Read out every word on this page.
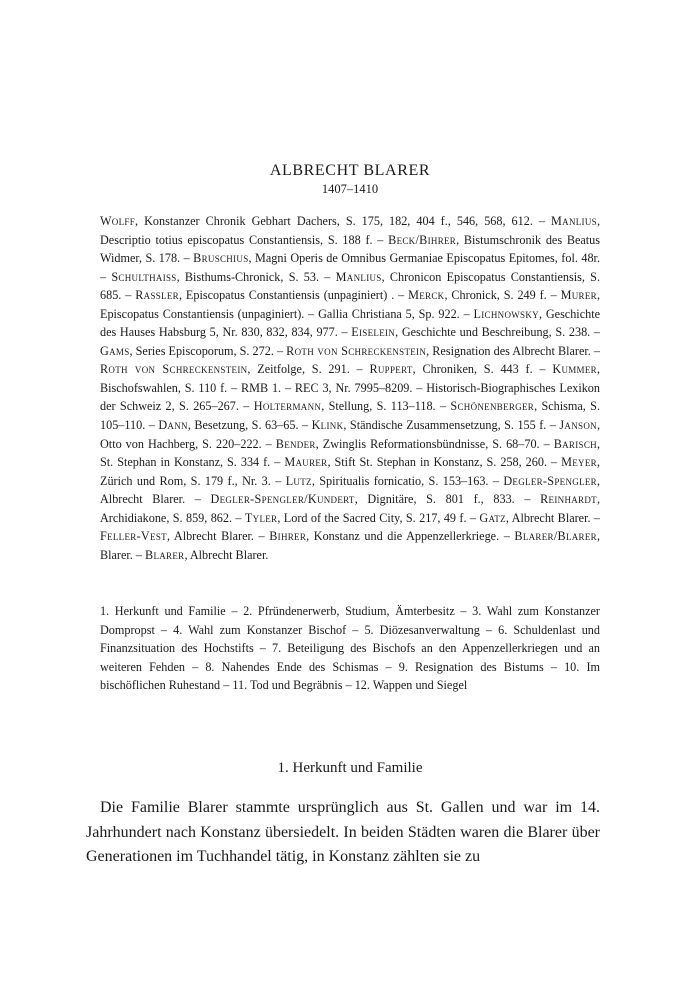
ALBRECHT BLARER
1407–1410
Wolff, Konstanzer Chronik Gebhart Dachers, S. 175, 182, 404 f., 546, 568, 612. – Manlius, Descriptio totius episcopatus Constantiensis, S. 188 f. – Beck/Bihrer, Bistumschronik des Beatus Widmer, S. 178. – Bruschius, Magni Operis de Omnibus Germaniae Episcopatus Epitomes, fol. 48r. – Schulthaiss, Bisthums-Chronick, S. 53. – Manlius, Chronicon Episcopatus Constantiensis, S. 685. – Rassler, Episcopatus Constantiensis (unpaginiert) . – Merck, Chronick, S. 249 f. – Murer, Episcopatus Constantiensis (unpaginiert). – Gallia Christiana 5, Sp. 922. – Lichnowsky, Geschichte des Hauses Habsburg 5, Nr. 830, 832, 834, 977. – Eiselein, Geschichte und Beschreibung, S. 238. – Gams, Series Episcoporum, S. 272. – Roth von Schreckenstein, Resignation des Albrecht Blarer. – Roth von Schreckenstein, Zeitfolge, S. 291. – Ruppert, Chroniken, S. 443 f. – Kummer, Bischofswahlen, S. 110 f. – RMB 1. – REC 3, Nr. 7995–8209. – Historisch-Biographisches Lexikon der Schweiz 2, S. 265–267. – Holtermann, Stellung, S. 113–118. – Schönenberger, Schisma, S. 105–110. – Dann, Besetzung, S. 63–65. – Klink, Ständische Zusammensetzung, S. 155 f. – Janson, Otto von Hachberg, S. 220–222. – Bender, Zwinglis Reformationsbündnisse, S. 68–70. – Barisch, St. Stephan in Konstanz, S. 334 f. – Maurer, Stift St. Stephan in Konstanz, S. 258, 260. – Meyer, Zürich und Rom, S. 179 f., Nr. 3. – Lutz, Spiritualis fornicatio, S. 153–163. – Degler-Spengler, Albrecht Blarer. – Degler-Spengler/Kundert, Dignitäre, S. 801 f., 833. – Reinhardt, Archidiakone, S. 859, 862. – Tyler, Lord of the Sacred City, S. 217, 49 f. – Gatz, Albrecht Blarer. – Feller-Vest, Albrecht Blarer. – Bihrer, Konstanz und die Appenzellerkriege. – Blarer/Blarer, Blarer. – Blarer, Albrecht Blarer.
1. Herkunft und Familie – 2. Pfründenerwerb, Studium, Ämterbesitz – 3. Wahl zum Konstanzer Dompropst – 4. Wahl zum Konstanzer Bischof – 5. Diözesanverwaltung – 6. Schuldenlast und Finanzsituation des Hochstifts – 7. Beteiligung des Bischofs an den Appenzellerkriegen und an weiteren Fehden – 8. Nahendes Ende des Schismas – 9. Resignation des Bistums – 10. Im bischöflichen Ruhestand – 11. Tod und Begräbnis – 12. Wappen und Siegel
1. Herkunft und Familie

Die Familie Blarer stammte ursprünglich aus St. Gallen und war im 14. Jahrhundert nach Konstanz übersiedelt. In beiden Städten waren die Blarer über Generationen im Tuchhandel tätig, in Konstanz zählten sie zu
